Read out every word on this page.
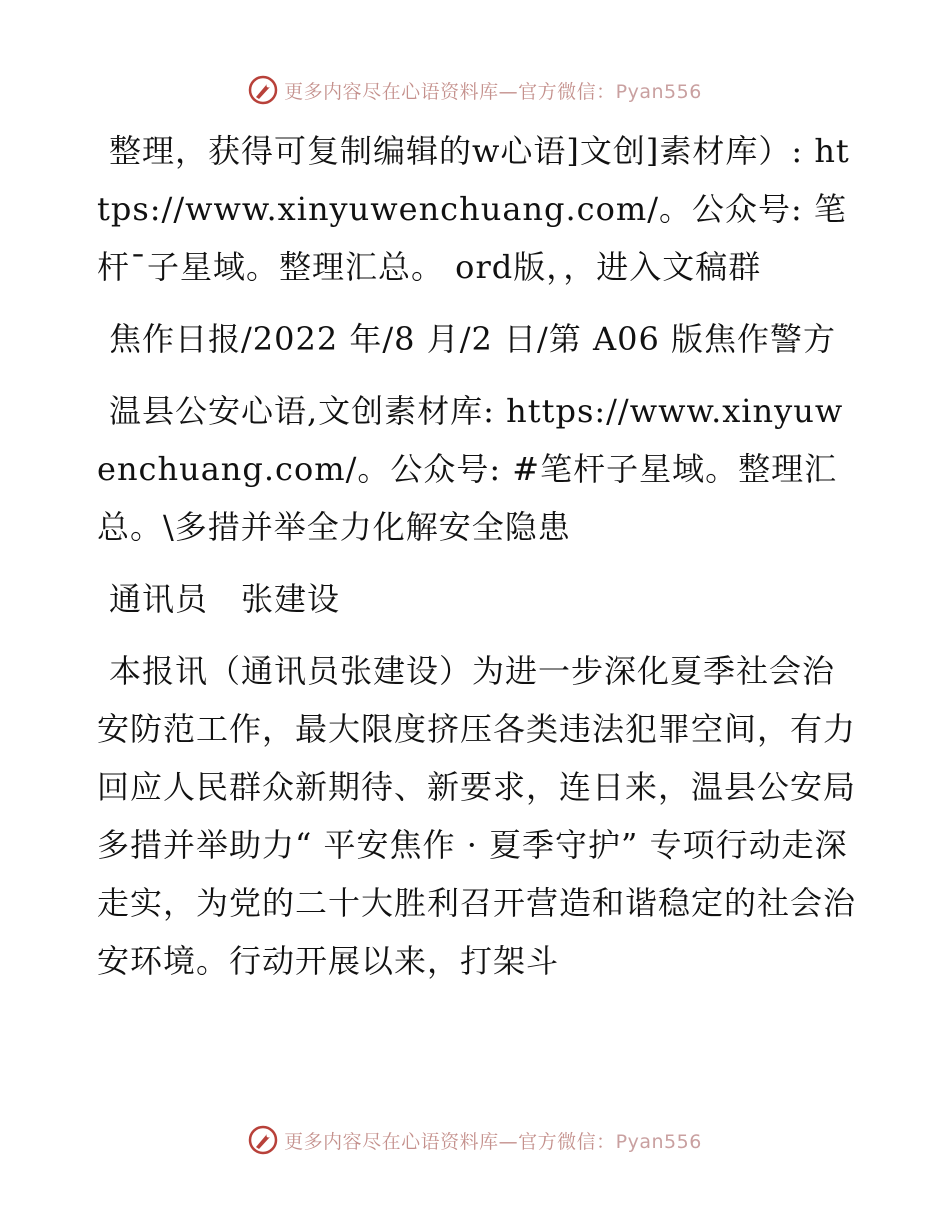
更多内容尽在心语资料库—官方微信：Pyan556

整理，获得可复制编辑的w心语]文创]素材库）: https://www.xinyuwenchuang.com/。公众号: 笔杆¯子星域。整理汇总。 ord版，，进入文稿群

焦作日报/2022 年/8 月/2 日/第 A06 版焦作警方

温县公安心语,文创素材库: https://www.xinyuwenchuang.com/。公众号: #笔杆子星域。整理汇总。\多措并举全力化解安全隐患

通讯员　张建设

本报讯（通讯员张建设）为进一步深化夏季社会治安防范工作，最大限度挤压各类违法犯罪空间，有力回应人民群众新期待、新要求，连日来，温县公安局多措并举助力“ 平安焦作 · 夏季守护” 专项行动走深走实，为党的二十大胜利召开营造和谐稳定的社会治安环境。行动开展以来，打架斗

更多内容尽在心语资料库—官方微信：Pyan556
